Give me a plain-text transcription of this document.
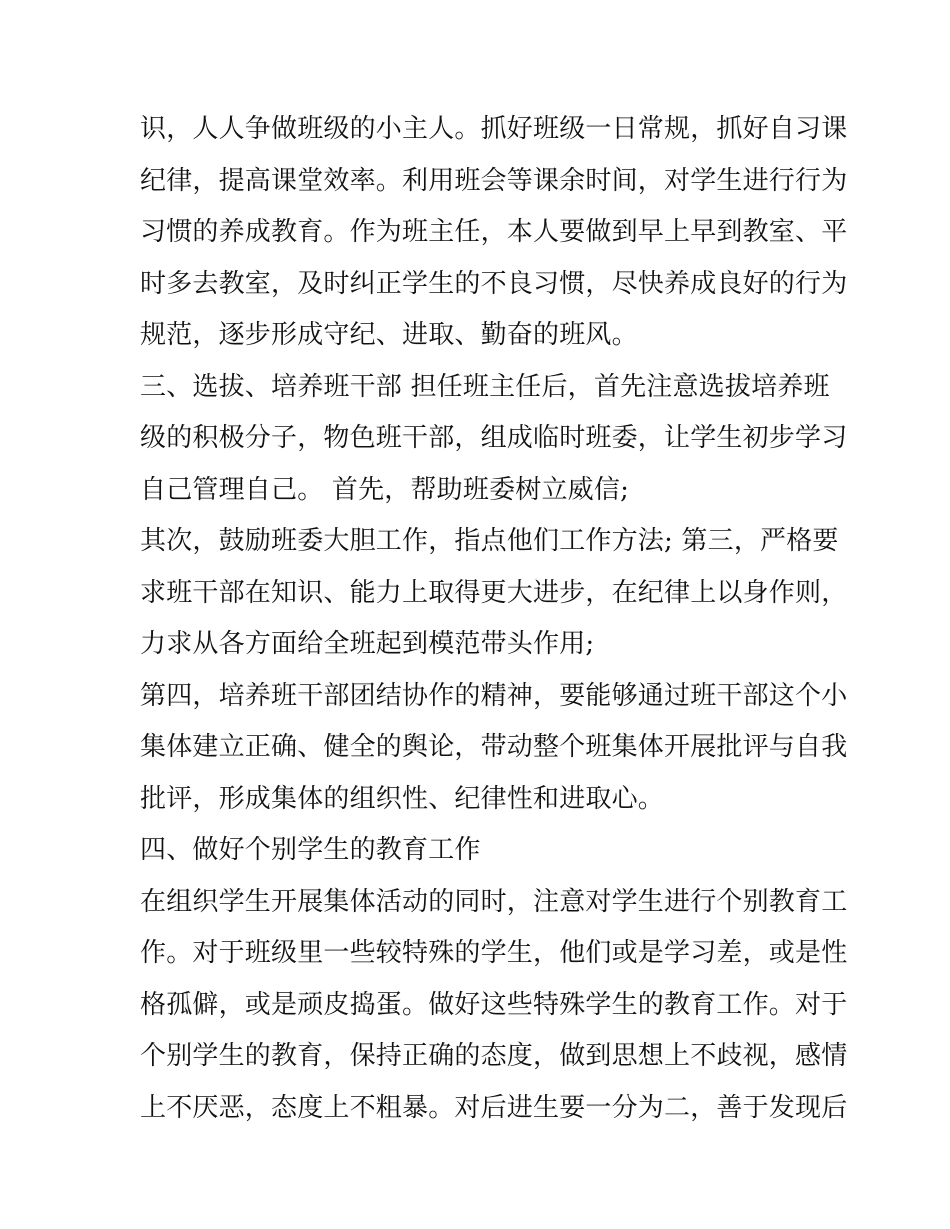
识，人人争做班级的小主人。抓好班级一日常规，抓好自习课
纪律，提高课堂效率。利用班会等课余时间，对学生进行行为
习惯的养成教育。作为班主任，本人要做到早上早到教室、平
时多去教室，及时纠正学生的不良习惯，尽快养成良好的行为
规范，逐步形成守纪、进取、勤奋的班风。
三、选拔、培养班干部 担任班主任后，首先注意选拔培养班
级的积极分子，物色班干部，组成临时班委，让学生初步学习
自己管理自己。 首先，帮助班委树立威信;
其次，鼓励班委大胆工作，指点他们工作方法; 第三，严格要
求班干部在知识、能力上取得更大进步，在纪律上以身作则，
力求从各方面给全班起到模范带头作用;
第四，培养班干部团结协作的精神，要能够通过班干部这个小
集体建立正确、健全的舆论，带动整个班集体开展批评与自我
批评，形成集体的组织性、纪律性和进取心。
四、做好个别学生的教育工作
在组织学生开展集体活动的同时，注意对学生进行个别教育工
作。对于班级里一些较特殊的学生，他们或是学习差，或是性
格孤僻，或是顽皮捣蛋。做好这些特殊学生的教育工作。对于
个别学生的教育，保持正确的态度，做到思想上不歧视，感情
上不厌恶，态度上不粗暴。对后进生要一分为二，善于发现后
